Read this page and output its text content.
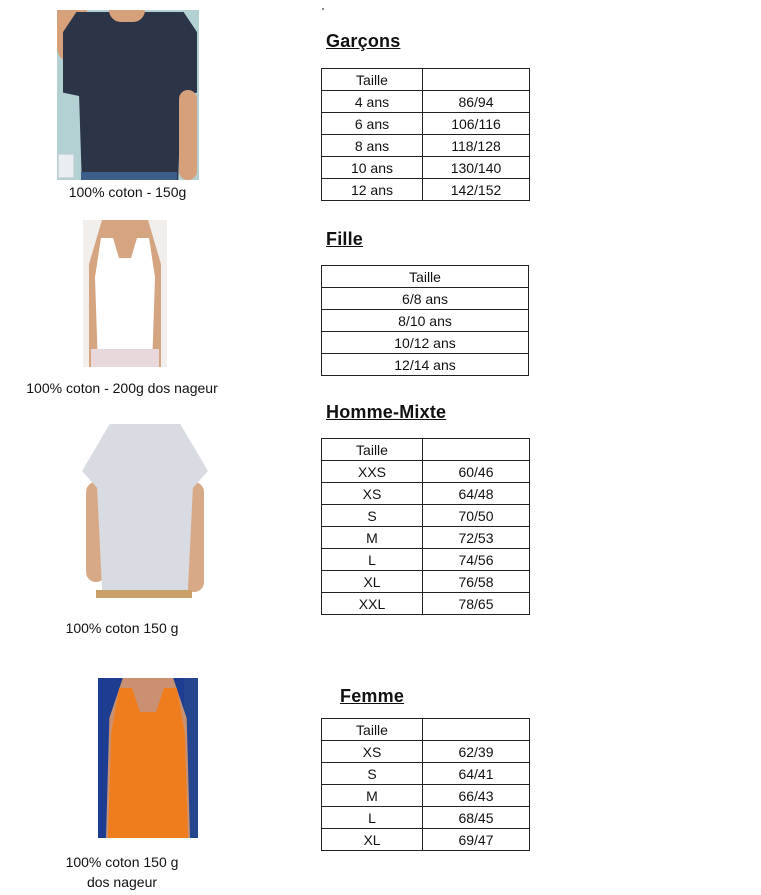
100% coton - 150g
100% coton - 200g dos nageur
100% coton 150 g
100% coton 150 g
dos nageur
Garçons
Taille	
4 ans	86/94
6 ans	106/116
8 ans	118/128
10 ans	130/140
12 ans	142/152
Fille
Taille
6/8 ans
8/10 ans
10/12 ans
12/14 ans
Homme-Mixte
Taille	
XXS	60/46
XS	64/48
S	70/50
M	72/53
L	74/56
XL	76/58
XXL	78/65
Femme
Taille	
XS	62/39
S	64/41
M	66/43
L	68/45
XL	69/47
